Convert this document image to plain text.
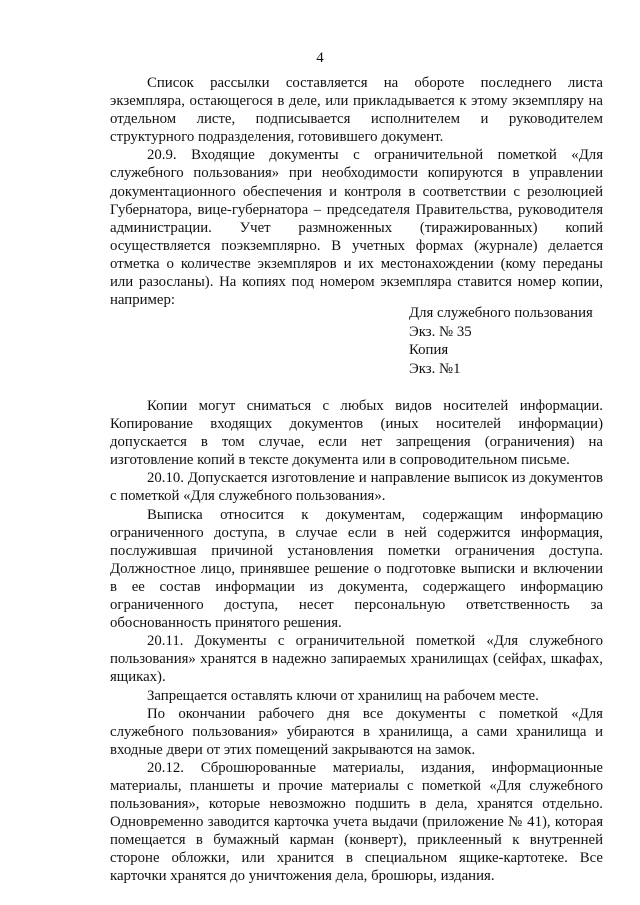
4

Список рассылки составляется на обороте последнего листа экземпляра, остающегося в деле, или прикладывается к этому экземпляру на отдельном листе, подписывается исполнителем и руководителем структурного подразделения, готовившего документ.

20.9. Входящие документы с ограничительной пометкой «Для служебного пользования» при необходимости копируются в управлении документационного обеспечения и контроля в соответствии с резолюцией Губернатора, вице-губернатора – председателя Правительства, руководителя администрации. Учет размноженных (тиражированных) копий осуществляется поэкземплярно. В учетных формах (журнале) делается отметка о количестве экземпляров и их местонахождении (кому переданы или разосланы). На копиях под номером экземпляра ставится номер копии, например:

Для служебного пользования
Экз. № 35
Копия
Экз. №1

Копии могут сниматься с любых видов носителей информации. Копирование входящих документов (иных носителей информации) допускается в том случае, если нет запрещения (ограничения) на изготовление копий в тексте документа или в сопроводительном письме.

20.10. Допускается изготовление и направление выписок из документов с пометкой «Для служебного пользования».

Выписка относится к документам, содержащим информацию ограниченного доступа, в случае если в ней содержится информация, послужившая причиной установления пометки ограничения доступа. Должностное лицо, принявшее решение о подготовке выписки и включении в ее состав информации из документа, содержащего информацию ограниченного доступа, несет персональную ответственность за обоснованность принятого решения.

20.11. Документы с ограничительной пометкой «Для служебного пользования» хранятся в надежно запираемых хранилищах (сейфах, шкафах, ящиках).

Запрещается оставлять ключи от хранилищ на рабочем месте.

По окончании рабочего дня все документы с пометкой «Для служебного пользования» убираются в хранилища, а сами хранилища и входные двери от этих помещений закрываются на замок.

20.12. Сброшюрованные материалы, издания, информационные материалы, планшеты и прочие материалы с пометкой «Для служебного пользования», которые невозможно подшить в дела, хранятся отдельно. Одновременно заводится карточка учета выдачи (приложение № 41), которая помещается в бумажный карман (конверт), приклеенный к внутренней стороне обложки, или хранится в специальном ящике-картотеке. Все карточки хранятся до уничтожения дела, брошюры, издания.
